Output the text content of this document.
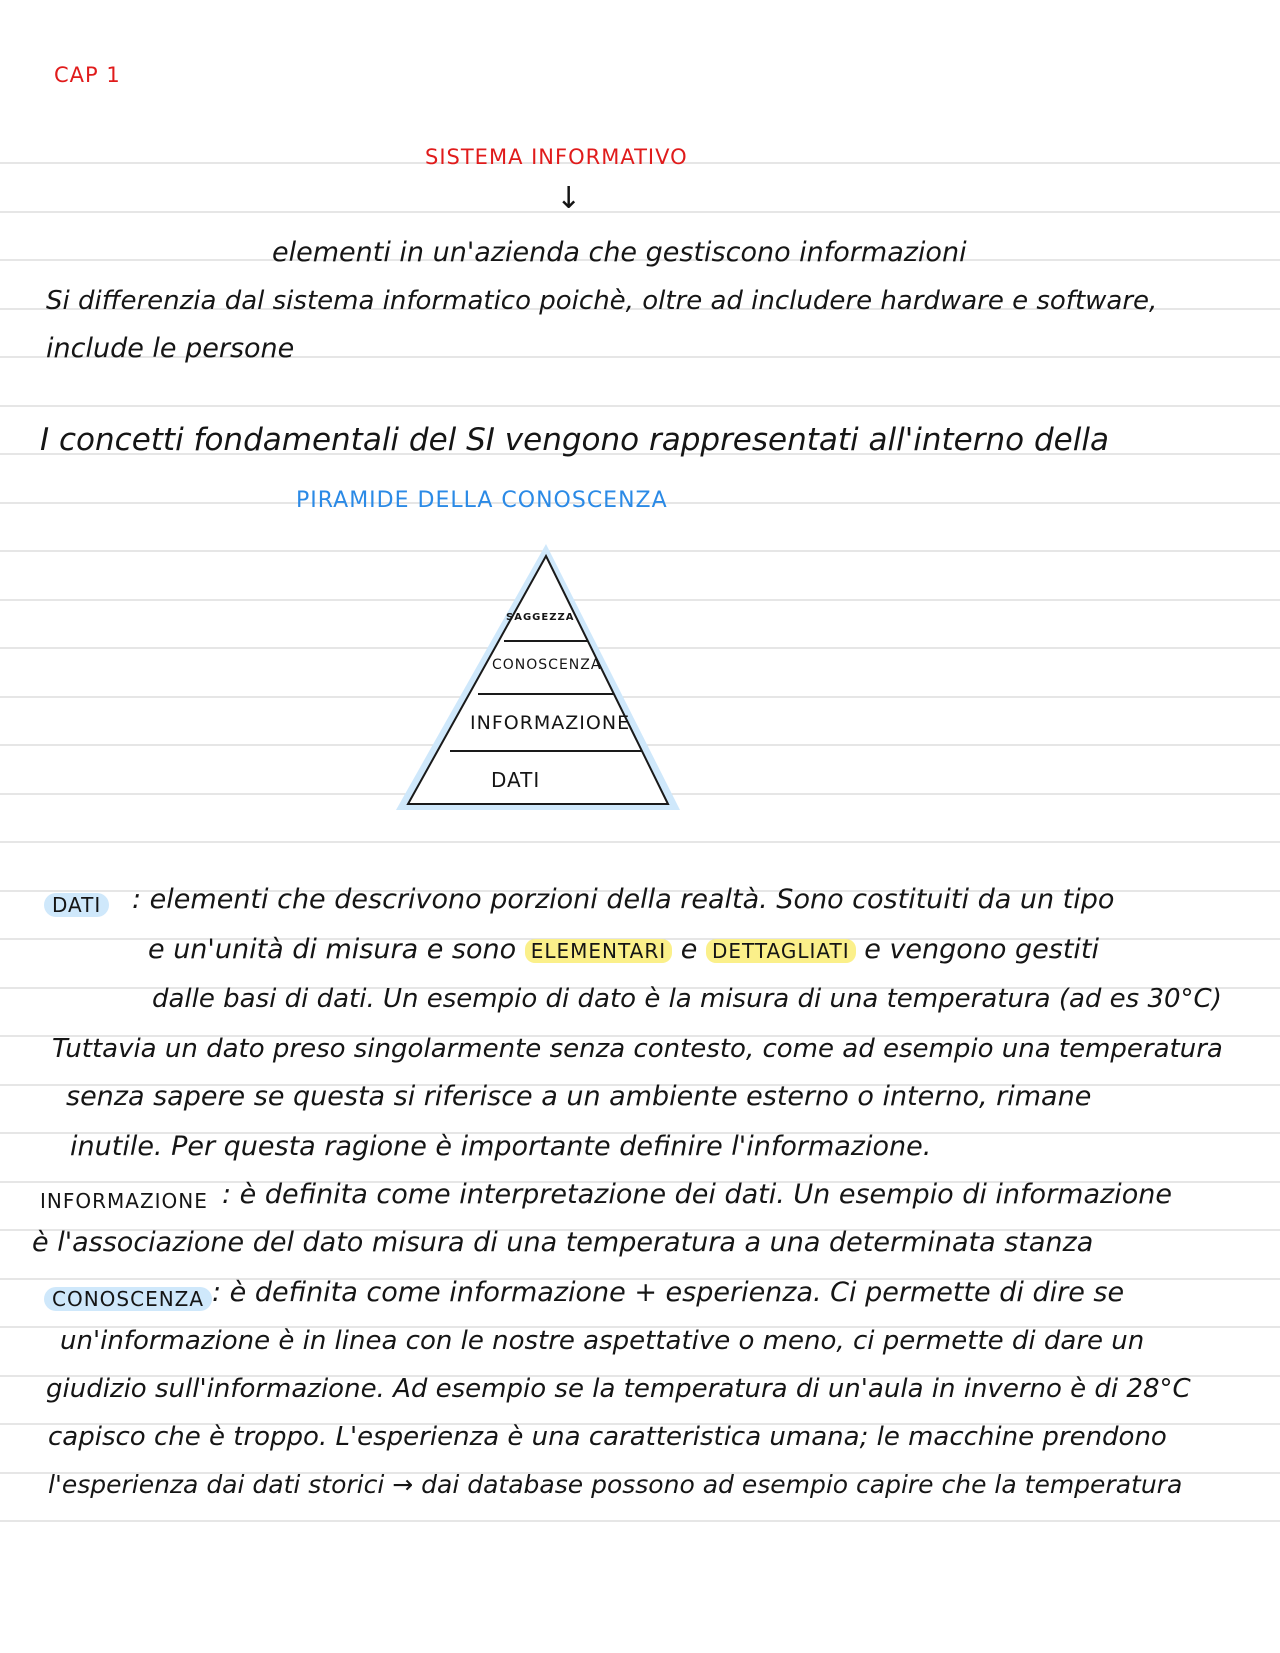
CAP 1
SISTEMA INFORMATIVO
↓
elementi in un'azienda che gestiscono informazioni
Si differenzia dal sistema informatico poichè, oltre ad includere hardware e software,
include le persone
I concetti fondamentali del SI vengono rappresentati all'interno della
PIRAMIDE DELLA CONOSCENZA
SAGGEZZA
CONOSCENZA
INFORMAZIONE
DATI
DATI : elementi che descrivono porzioni della realtà. Sono costituiti da un tipo
e un'unità di misura e sono ELEMENTARI e DETTAGLIATI e vengono gestiti
dalle basi di dati. Un esempio di dato è la misura di una temperatura (ad es 30°C)
Tuttavia un dato preso singolarmente senza contesto, come ad esempio una temperatura
senza sapere se questa si riferisce a un ambiente esterno o interno, rimane
inutile. Per questa ragione è importante definire l'informazione.
INFORMAZIONE : è definita come interpretazione dei dati. Un esempio di informazione
è l'associazione del dato misura di una temperatura a una determinata stanza
CONOSCENZA : è definita come informazione + esperienza. Ci permette di dire se
un'informazione è in linea con le nostre aspettative o meno, ci permette di dare un
giudizio sull'informazione. Ad esempio se la temperatura di un'aula in inverno è di 28°C
capisco che è troppo. L'esperienza è una caratteristica umana; le macchine prendono
l'esperienza dai dati storici → dai database possono ad esempio capire che la temperatura
